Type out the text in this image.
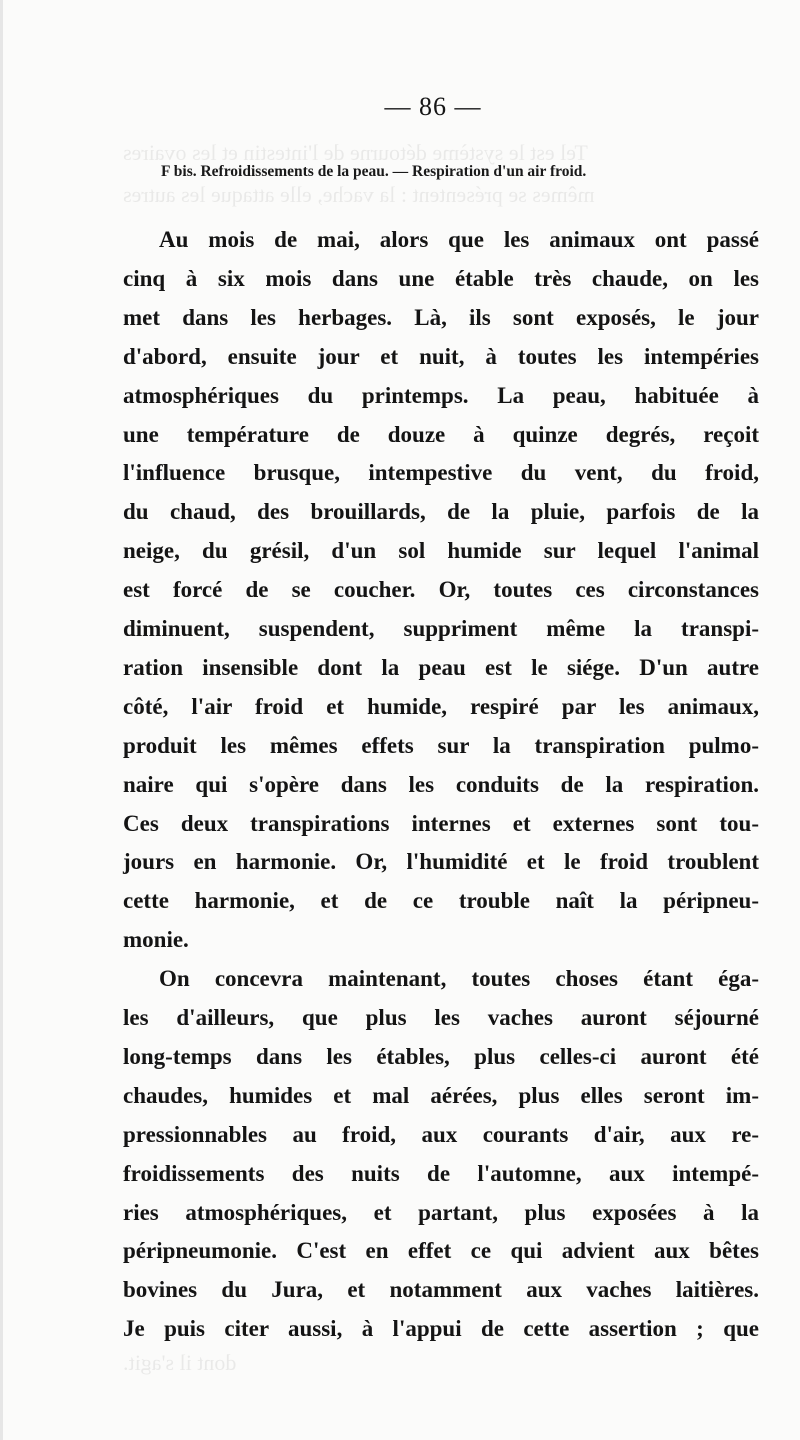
Tel est le système détourne de l'intestin et les ovaires
mêmes se présentent : la vache, elle attaque les autres
dont il s'agit.
— 86 —
F bis. Refroidissements de la peau. — Respiration d'un air froid.
Au mois de mai, alors que les animaux ont passé
cinq à six mois dans une étable très chaude, on les
met dans les herbages. Là, ils sont exposés, le jour
d'abord, ensuite jour et nuit, à toutes les intempéries
atmosphériques du printemps. La peau, habituée à
une température de douze à quinze degrés, reçoit
l'influence brusque, intempestive du vent, du froid,
du chaud, des brouillards, de la pluie, parfois de la
neige, du grésil, d'un sol humide sur lequel l'animal
est forcé de se coucher. Or, toutes ces circonstances
diminuent, suspendent, suppriment même la transpi-
ration insensible dont la peau est le siége. D'un autre
côté, l'air froid et humide, respiré par les animaux,
produit les mêmes effets sur la transpiration pulmo-
naire qui s'opère dans les conduits de la respiration.
Ces deux transpirations internes et externes sont tou-
jours en harmonie. Or, l'humidité et le froid troublent
cette harmonie, et de ce trouble naît la péripneu-
monie.
On concevra maintenant, toutes choses étant éga-
les d'ailleurs, que plus les vaches auront séjourné
long-temps dans les étables, plus celles-ci auront été
chaudes, humides et mal aérées, plus elles seront im-
pressionnables au froid, aux courants d'air, aux re-
froidissements des nuits de l'automne, aux intempé-
ries atmosphériques, et partant, plus exposées à la
péripneumonie. C'est en effet ce qui advient aux bêtes
bovines du Jura, et notamment aux vaches laitières.
Je puis citer aussi, à l'appui de cette assertion ; que
